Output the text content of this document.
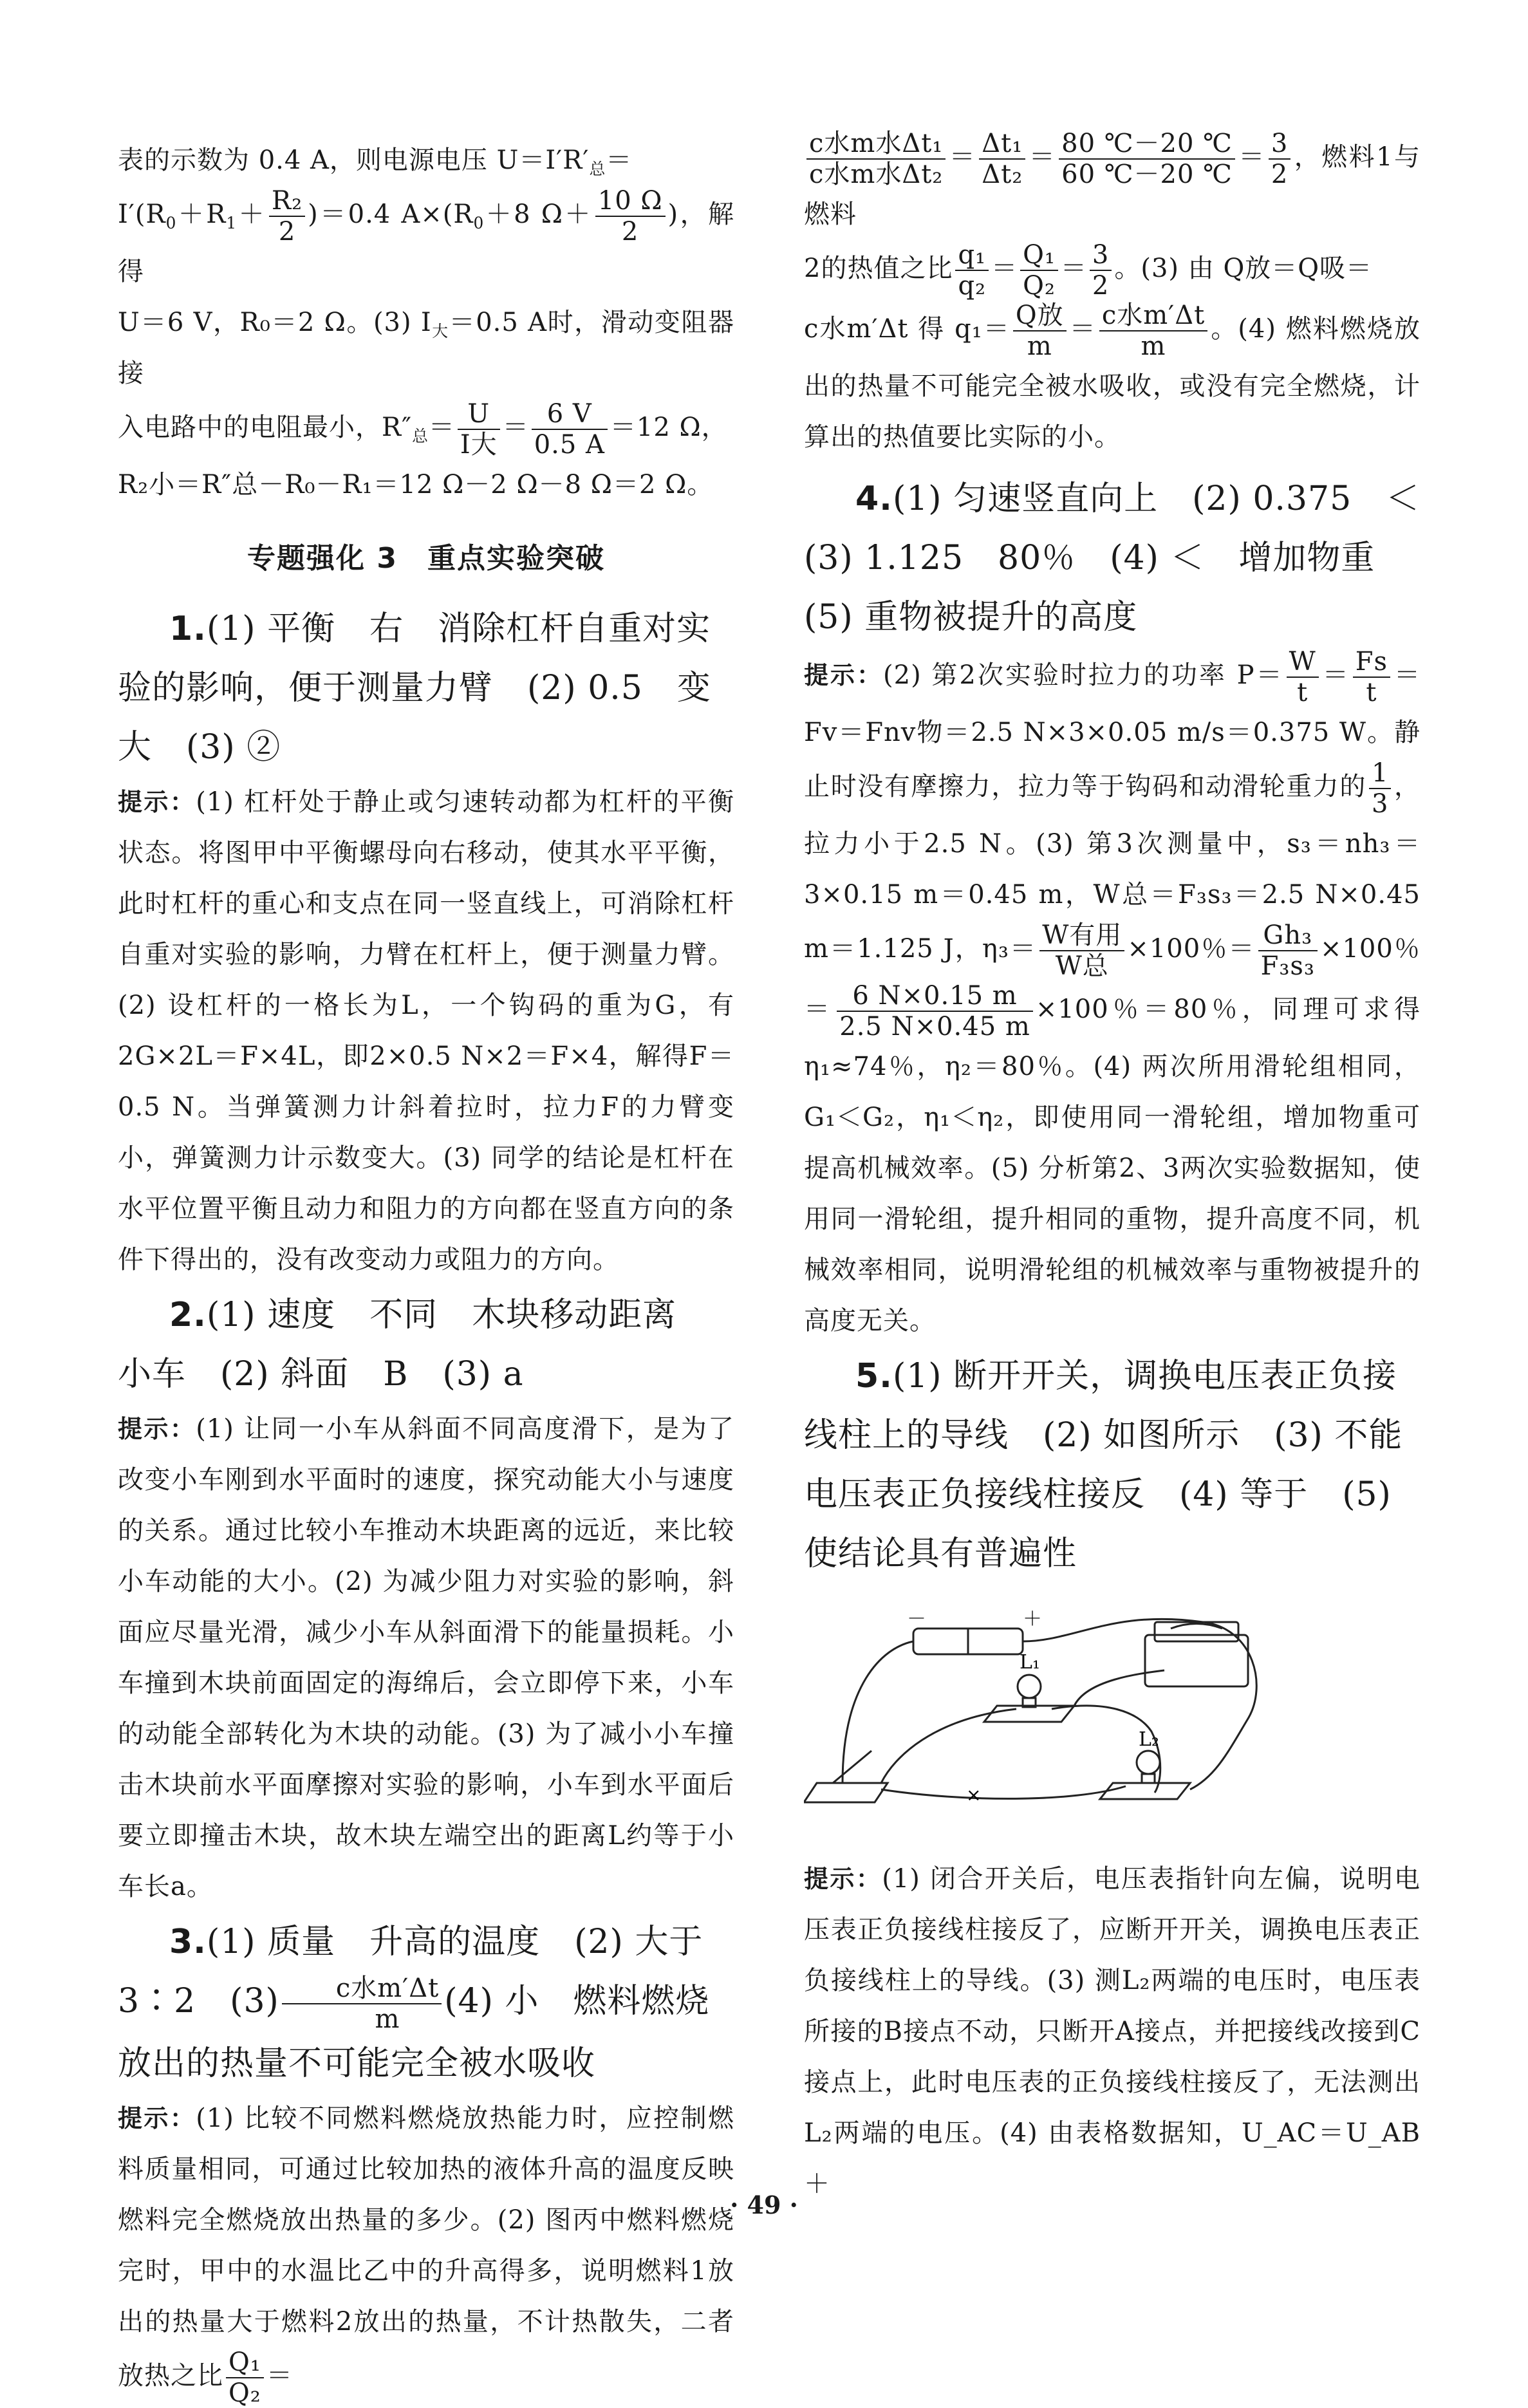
表的示数为 0.4 A，则电源电压 $U=I'R'_总=$

$I'(R_0+R_1+ \frac{\text{R₂}}{2} )=0.4$ $A\times(R_0+8$ $\Omega+ \frac{10 \Omega}{2}$ )，解得

U＝6 V，R₀＝2 Ω。(3) $I_大=0.5$ A时，滑动变阻器接

入电路中的电阻最小，$R''_总= \frac{U}{\text{I大}} = \frac{6 V}{0.5 A} =12$ Ω，

R₂小＝R″总－R₀－R₁＝12 Ω－2 Ω－8 Ω＝2 Ω。

专题强化 3　重点实验突破

1.(1) 平衡　右　消除杠杆自重对实验的影响，便于测量力臂　(2) 0.5　变大　(3) ②

提示：(1) 杠杆处于静止或匀速转动都为杠杆的平衡状态。将图甲中平衡螺母向右移动，使其水平平衡，此时杠杆的重心和支点在同一竖直线上，可消除杠杆自重对实验的影响，力臂在杠杆上，便于测量力臂。(2) 设杠杆的一格长为L，一个钩码的重为G，有2G×2L＝F×4L，即2×0.5 N×2＝F×4，解得F＝0.5 N。当弹簧测力计斜着拉时，拉力F的力臂变小，弹簧测力计示数变大。(3) 同学的结论是杠杆在水平位置平衡且动力和阻力的方向都在竖直方向的条件下得出的，没有改变动力或阻力的方向。

2.(1) 速度　不同　木块移动距离　小车　(2) 斜面　B　(3) a

提示：(1) 让同一小车从斜面不同高度滑下，是为了改变小车刚到水平面时的速度，探究动能大小与速度的关系。通过比较小车推动木块距离的远近，来比较小车动能的大小。(2) 为减少阻力对实验的影响，斜面应尽量光滑，减少小车从斜面滑下的能量损耗。小车撞到木块前面固定的海绵后，会立即停下来，小车的动能全部转化为木块的动能。(3) 为了减小小车撞击木块前水平面摩擦对实验的影响，小车到水平面后要立即撞击木块，故木块左端空出的距离L约等于小车长a。

3.(1) 质量　升高的温度　(2) 大于　3∶2　$(3) \frac{\text{c水m′Δt}}{m} (4)$ 小　燃料燃烧放出的热量不可能完全被水吸收

提示：(1) 比较不同燃料燃烧放热能力时，应控制燃料质量相同，可通过比较加热的液体升高的温度反映燃料完全燃烧放出热量的多少。(2) 图丙中燃料燃烧完时，甲中的水温比乙中的升高得多，说明燃料1放出的热量大于燃料2放出的热量，不计热散失，二者放热之比 $\frac{\text{Q₁}}{\text{Q₂}}$ ＝

$\frac{\text{c水m水Δt₁}}{\text{c水m水Δt₂}} = \frac{\text{Δt₁}}{\text{Δt₂}} = \frac{80 ℃-20 ℃}{60 ℃-20 ℃} = \frac{3}{2}$ ，燃料1与燃料

2的热值之比 $\frac{\text{q₁}}{\text{q₂}} = \frac{\text{Q₁}}{\text{Q₂}} = \frac{3}{2}$ 。(3) 由 Q放＝Q吸＝

c水m′Δt 得 $q_1= \frac{\text{Q放}}{m} = \frac{\text{c水m′Δt}}{m}$ 。(4) 燃料燃烧放出的热量不可能完全被水吸收，或没有完全燃烧，计算出的热值要比实际的小。

4.(1) 匀速竖直向上　(2) 0.375　＜　(3) 1.125　80％　(4) ＜　增加物重　(5) 重物被提升的高度

提示：(2) 第2次实验时拉力的功率 $P= \frac{W}{t} = \frac{Fs}{t} =Fv=Fnv$物＝2.5 N×3×0.05 m/s＝0.375 W。静止时没有摩擦力，拉力等于钩码和动滑轮重力的 $\frac{1}{3}$ ，拉力小于2.5 N。(3) 第3次测量中，s₃＝nh₃＝3×0.15 m＝0.45 m，W总＝F₃s₃＝2.5 N×0.45 m＝1.125 J，$\eta_3= \frac{\text{W有用}}{\text{W总}} \times 100$％＝ $\frac{\text{Gh₃}}{\text{F₃s₃}} \times 100$％＝ $\frac{6 N\times 0.15 m}{2.5 N\times 0.45 m} \times 100$％＝80％，同理可求得 η₁≈74％，η₂＝80％。(4) 两次所用滑轮组相同，G₁＜G₂，η₁＜η₂，即使用同一滑轮组，增加物重可提高机械效率。(5) 分析第2、3两次实验数据知，使用同一滑轮组，提升相同的重物，提升高度不同，机械效率相同，说明滑轮组的机械效率与重物被提升的高度无关。

5.(1) 断开开关，调换电压表正负接线柱上的导线　(2) 如图所示　(3) 不能　电压表正负接线柱接反　(4) 等于　(5) 使结论具有普遍性

－	＋
L₁
L₂
×

提示：(1) 闭合开关后，电压表指针向左偏，说明电压表正负接线柱接反了，应断开开关，调换电压表正负接线柱上的导线。(3) 测L₂两端的电压时，电压表所接的B接点不动，只断开A接点，并把接线改接到C接点上，此时电压表的正负接线柱接反了，无法测出L₂两端的电压。(4) 由表格数据知，U_AC＝U_AB＋

· 49 ·
